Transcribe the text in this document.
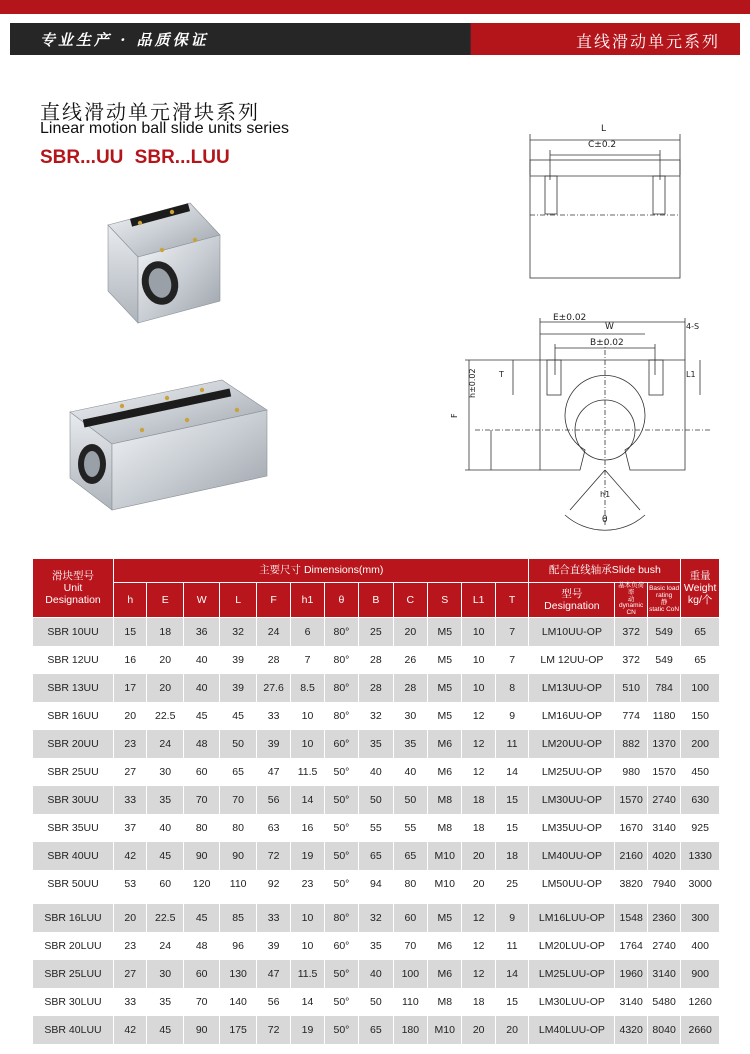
专业生产 · 品质保证	直线滑动单元系列
直线滑动单元滑块系列
Linear motion ball slide units series
SBR...UU SBR...LUU
L
C±0.2
E±0.02
W
B±0.02
4-S
T	L1
h±0.02
F
h1
θ
滑块型号
Unit
Designation	主要尺寸 Dimensions(mm)												配合直线轴承Slide bush			重量
Weight
kg/个
	h	E	W	L	F	h1	θ	B	C	S	L1	T	型号
Designation	基本负荷率
动
dynamic CN	Basic load rating
静
static CoN	

SBR 10UU	15	18	36	32	24	6	80°	25	20	M5	10	7	LM10UU-OP	372	549	65
SBR 12UU	16	20	40	39	28	7	80°	28	26	M5	10	7	LM 12UU-OP	372	549	65
SBR 13UU	17	20	40	39	27.6	8.5	80°	28	28	M5	10	8	LM13UU-OP	510	784	100
SBR 16UU	20	22.5	45	45	33	10	80°	32	30	M5	12	9	LM16UU-OP	774	1180	150
SBR 20UU	23	24	48	50	39	10	60°	35	35	M6	12	11	LM20UU-OP	882	1370	200
SBR 25UU	27	30	60	65	47	11.5	50°	40	40	M6	12	14	LM25UU-OP	980	1570	450
SBR 30UU	33	35	70	70	56	14	50°	50	50	M8	18	15	LM30UU-OP	1570	2740	630
SBR 35UU	37	40	80	80	63	16	50°	55	55	M8	18	15	LM35UU-OP	1670	3140	925
SBR 40UU	42	45	90	90	72	19	50°	65	65	M10	20	18	LM40UU-OP	2160	4020	1330
SBR 50UU	53	60	120	110	92	23	50°	94	80	M10	20	25	LM50UU-OP	3820	7940	3000

SBR 16LUU	20	22.5	45	85	33	10	80°	32	60	M5	12	9	LM16LUU-OP	1548	2360	300
SBR 20LUU	23	24	48	96	39	10	60°	35	70	M6	12	11	LM20LUU-OP	1764	2740	400
SBR 25LUU	27	30	60	130	47	11.5	50°	40	100	M6	12	14	LM25LUU-OP	1960	3140	900
SBR 30LUU	33	35	70	140	56	14	50°	50	110	M8	18	15	LM30LUU-OP	3140	5480	1260
SBR 40LUU	42	45	90	175	72	19	50°	65	180	M10	20	20	LM40LUU-OP	4320	8040	2660
